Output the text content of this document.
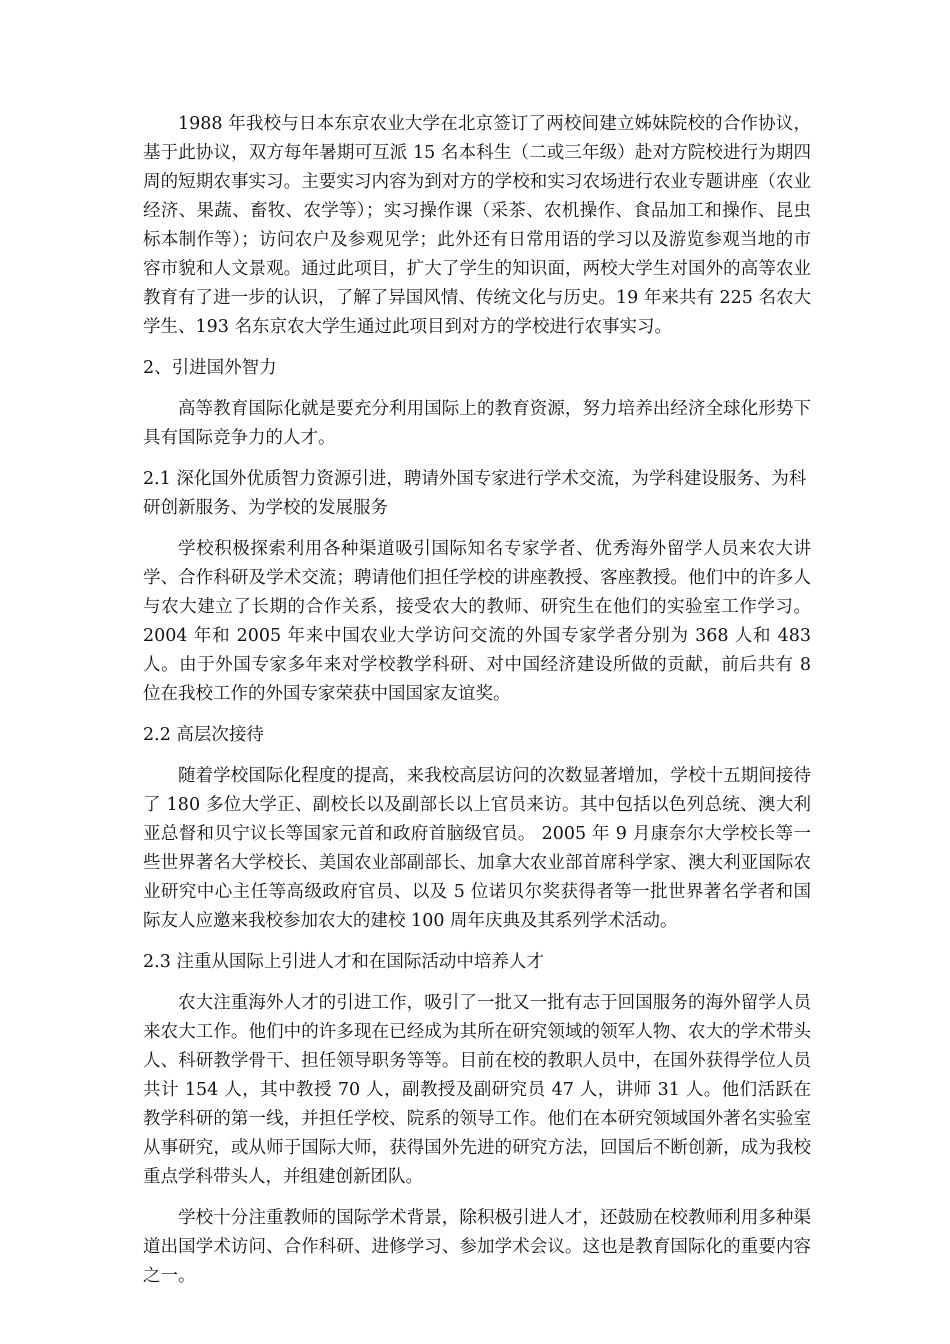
1988 年我校与日本东京农业大学在北京签订了两校间建立姊妹院校的合作协议，基于此协议，双方每年暑期可互派 15 名本科生（二或三年级）赴对方院校进行为期四周的短期农事实习。主要实习内容为到对方的学校和实习农场进行农业专题讲座（农业经济、果蔬、畜牧、农学等）；实习操作课（采茶、农机操作、食品加工和操作、昆虫标本制作等）；访问农户及参观见学；此外还有日常用语的学习以及游览参观当地的市容市貌和人文景观。通过此项目，扩大了学生的知识面，两校大学生对国外的高等农业教育有了进一步的认识，了解了异国风情、传统文化与历史。19 年来共有 225 名农大学生、193 名东京农大学生通过此项目到对方的学校进行农事实习。

2、引进国外智力

高等教育国际化就是要充分利用国际上的教育资源，努力培养出经济全球化形势下具有国际竞争力的人才。

2.1 深化国外优质智力资源引进，聘请外国专家进行学术交流，为学科建设服务、为科研创新服务、为学校的发展服务

学校积极探索利用各种渠道吸引国际知名专家学者、优秀海外留学人员来农大讲学、合作科研及学术交流；聘请他们担任学校的讲座教授、客座教授。他们中的许多人与农大建立了长期的合作关系，接受农大的教师、研究生在他们的实验室工作学习。2004 年和 2005 年来中国农业大学访问交流的外国专家学者分别为 368 人和 483 人。由于外国专家多年来对学校教学科研、对中国经济建设所做的贡献，前后共有 8 位在我校工作的外国专家荣获中国国家友谊奖。

2.2 高层次接待

随着学校国际化程度的提高，来我校高层访问的次数显著增加，学校十五期间接待了 180 多位大学正、副校长以及副部长以上官员来访。其中包括以色列总统、澳大利亚总督和贝宁议长等国家元首和政府首脑级官员。 2005 年 9 月康奈尔大学校长等一些世界著名大学校长、美国农业部副部长、加拿大农业部首席科学家、澳大利亚国际农业研究中心主任等高级政府官员、以及 5 位诺贝尔奖获得者等一批世界著名学者和国际友人应邀来我校参加农大的建校 100 周年庆典及其系列学术活动。

2.3 注重从国际上引进人才和在国际活动中培养人才

农大注重海外人才的引进工作，吸引了一批又一批有志于回国服务的海外留学人员来农大工作。他们中的许多现在已经成为其所在研究领域的领军人物、农大的学术带头人、科研教学骨干、担任领导职务等等。目前在校的教职人员中，在国外获得学位人员共计 154 人，其中教授 70 人，副教授及副研究员 47 人，讲师 31 人。他们活跃在教学科研的第一线，并担任学校、院系的领导工作。他们在本研究领域国外著名实验室从事研究，或从师于国际大师，获得国外先进的研究方法，回国后不断创新，成为我校重点学科带头人，并组建创新团队。

学校十分注重教师的国际学术背景，除积极引进人才，还鼓励在校教师利用多种渠道出国学术访问、合作科研、进修学习、参加学术会议。这也是教育国际化的重要内容之一。
